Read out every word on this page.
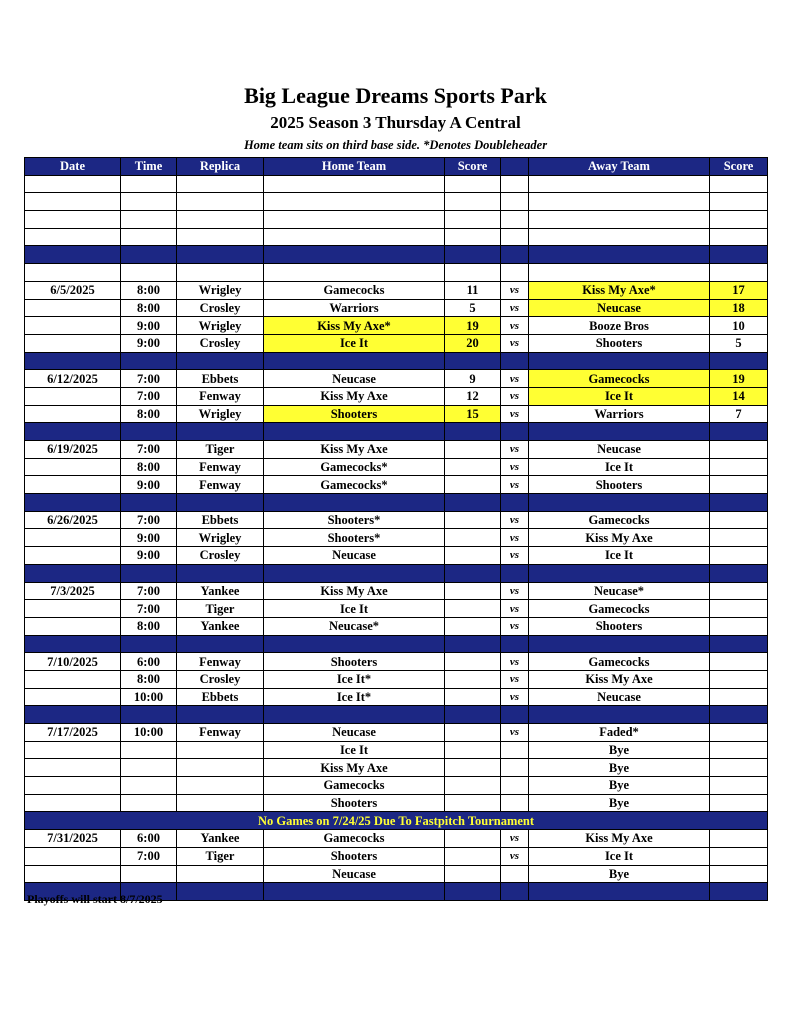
Big League Dreams Sports Park
2025 Season 3 Thursday A Central
Home team sits on third base side. *Denotes Doubleheader
Date	Time	Replica	Home Team	Score		Away Team	Score

6/5/2025	8:00	Wrigley	Gamecocks	11	vs	Kiss My Axe*	17
	8:00	Crosley	Warriors	5	vs	Neucase	18
	9:00	Wrigley	Kiss My Axe*	19	vs	Booze Bros	10
	9:00	Crosley	Ice It	20	vs	Shooters	5

6/12/2025	7:00	Ebbets	Neucase	9	vs	Gamecocks	19
	7:00	Fenway	Kiss My Axe	12	vs	Ice It	14
	8:00	Wrigley	Shooters	15	vs	Warriors	7

6/19/2025	7:00	Tiger	Kiss My Axe		vs	Neucase	
	8:00	Fenway	Gamecocks*		vs	Ice It	
	9:00	Fenway	Gamecocks*		vs	Shooters	

6/26/2025	7:00	Ebbets	Shooters*		vs	Gamecocks	
	9:00	Wrigley	Shooters*		vs	Kiss My Axe	
	9:00	Crosley	Neucase		vs	Ice It	

7/3/2025	7:00	Yankee	Kiss My Axe		vs	Neucase*	
	7:00	Tiger	Ice It		vs	Gamecocks	
	8:00	Yankee	Neucase*		vs	Shooters	

7/10/2025	6:00	Fenway	Shooters		vs	Gamecocks	
	8:00	Crosley	Ice It*		vs	Kiss My Axe	
	10:00	Ebbets	Ice It*		vs	Neucase	

7/17/2025	10:00	Fenway	Neucase		vs	Faded*	
			Ice It			Bye	
			Kiss My Axe			Bye	
			Gamecocks			Bye	
			Shooters			Bye	
No Games on 7/24/25 Due To Fastpitch Tournament							
7/31/2025	6:00	Yankee	Gamecocks		vs	Kiss My Axe	
	7:00	Tiger	Shooters		vs	Ice It	
			Neucase			Bye	

Playoffs will start 8/7/2025
